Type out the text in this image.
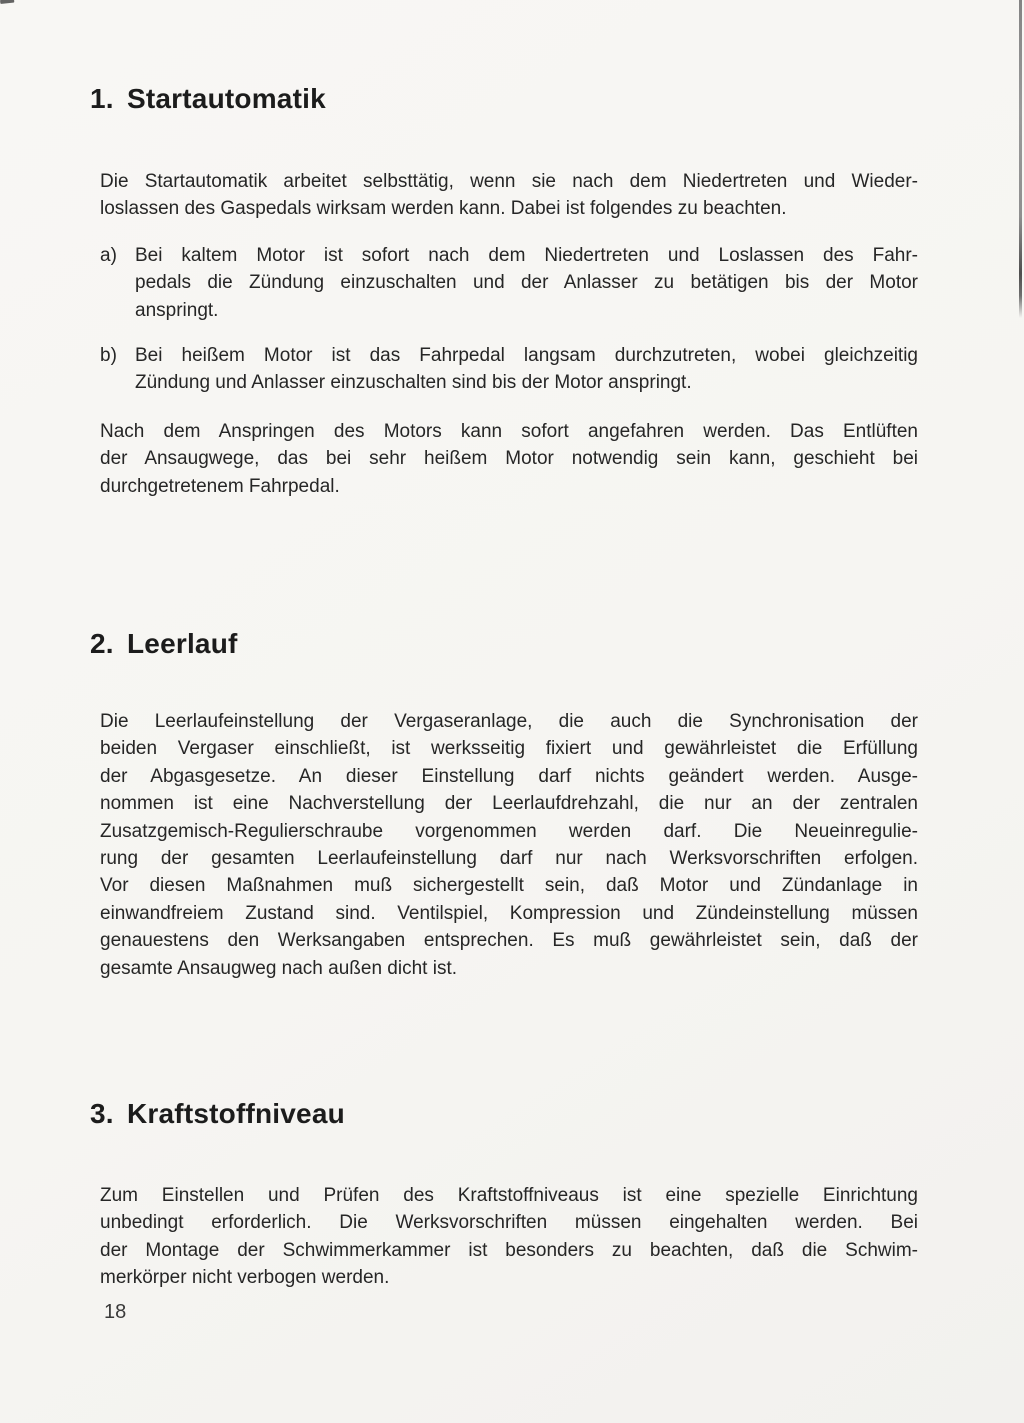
1. Startautomatik
Die Startautomatik arbeitet selbsttätig, wenn sie nach dem Niedertreten und Wieder-
loslassen des Gaspedals wirksam werden kann. Dabei ist folgendes zu beachten.
a) Bei kaltem Motor ist sofort nach dem Niedertreten und Loslassen des Fahr-
pedals die Zündung einzuschalten und der Anlasser zu betätigen bis der Motor
anspringt.
b) Bei heißem Motor ist das Fahrpedal langsam durchzutreten, wobei gleichzeitig
Zündung und Anlasser einzuschalten sind bis der Motor anspringt.
Nach dem Anspringen des Motors kann sofort angefahren werden. Das Entlüften
der Ansaugwege, das bei sehr heißem Motor notwendig sein kann, geschieht bei
durchgetretenem Fahrpedal.
2. Leerlauf
Die Leerlaufeinstellung der Vergaseranlage, die auch die Synchronisation der
beiden Vergaser einschließt, ist werksseitig fixiert und gewährleistet die Erfüllung
der Abgasgesetze. An dieser Einstellung darf nichts geändert werden. Ausge-
nommen ist eine Nachverstellung der Leerlaufdrehzahl, die nur an der zentralen
Zusatzgemisch-Regulierschraube vorgenommen werden darf. Die Neueinregulie-
rung der gesamten Leerlaufeinstellung darf nur nach Werksvorschriften erfolgen.
Vor diesen Maßnahmen muß sichergestellt sein, daß Motor und Zündanlage in
einwandfreiem Zustand sind. Ventilspiel, Kompression und Zündeinstellung müssen
genauestens den Werksangaben entsprechen. Es muß gewährleistet sein, daß der
gesamte Ansaugweg nach außen dicht ist.
3. Kraftstoffniveau
Zum Einstellen und Prüfen des Kraftstoffniveaus ist eine spezielle Einrichtung
unbedingt erforderlich. Die Werksvorschriften müssen eingehalten werden. Bei
der Montage der Schwimmerkammer ist besonders zu beachten, daß die Schwim-
merkörper nicht verbogen werden.
18
